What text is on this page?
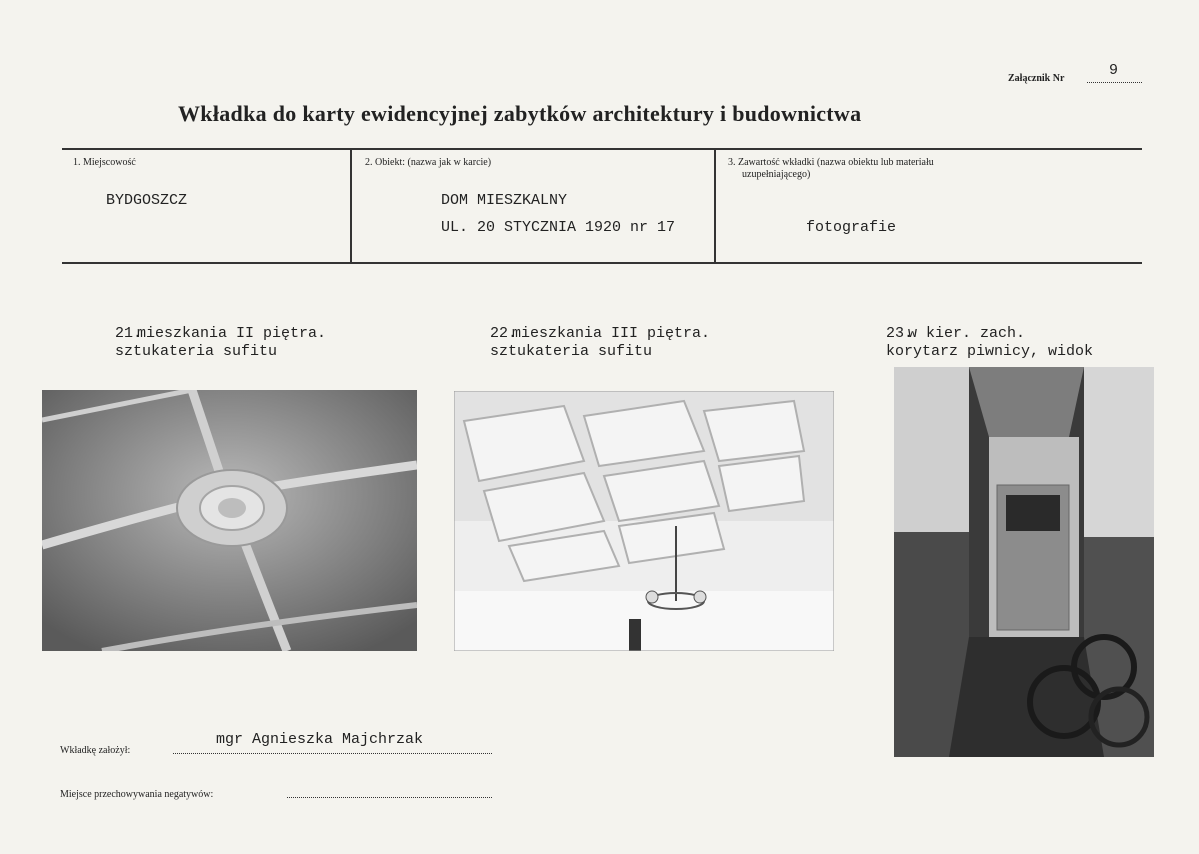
Załącznik Nr	9
Wkładka do karty ewidencyjnej zabytków architektury i budownictwa
1. Miejscowość
BYDGOSZCZ
2. Obiekt: (nazwa jak w karcie)
DOM MIESZKALNY
UL. 20 STYCZNIA 1920 nr 17
3. Zawartość wkładki (nazwa obiektu lub materiału
uzupełniającego)
fotografie

21.
sztukateria sufitu

mieszkania II piętra.	22.
sztukateria sufitu

mieszkania III piętra.	23.
korytarz piwnicy, widok

w kier. zach.
Wkładkę założył:
mgr Agnieszka Majchrzak
Miejsce przechowywania negatywów:
